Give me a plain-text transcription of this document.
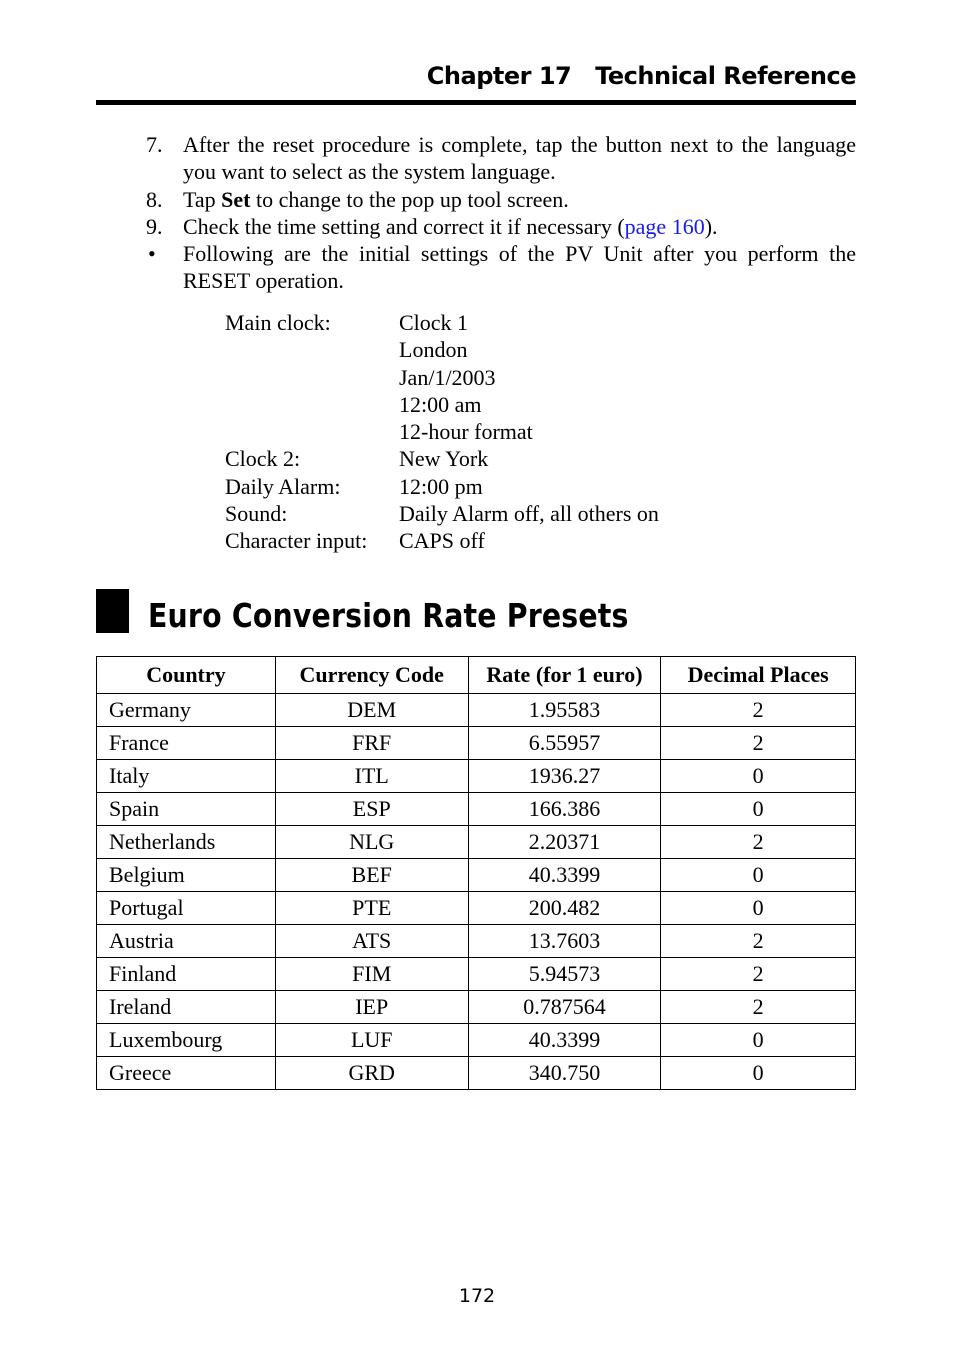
Chapter 17 Technical Reference
7. After the reset procedure is complete, tap the button next to the language you want to select as the system language.
8. Tap Set to change to the pop up tool screen.
9. Check the time setting and correct it if necessary (page 160).
• Following are the initial settings of the PV Unit after you perform the RESET operation.
Main clock:	Clock 1
London
Jan/1/2003
12:00 am
12-hour format
Clock 2:	New York
Daily Alarm:	12:00 pm
Sound:	Daily Alarm off, all others on
Character input:	CAPS off
Euro Conversion Rate Presets
Country	Currency Code	Rate (for 1 euro)	Decimal Places
Germany	DEM	1.95583	2
France	FRF	6.55957	2
Italy	ITL	1936.27	0
Spain	ESP	166.386	0
Netherlands	NLG	2.20371	2
Belgium	BEF	40.3399	0
Portugal	PTE	200.482	0
Austria	ATS	13.7603	2
Finland	FIM	5.94573	2
Ireland	IEP	0.787564	2
Luxembourg	LUF	40.3399	0
Greece	GRD	340.750	0
172
